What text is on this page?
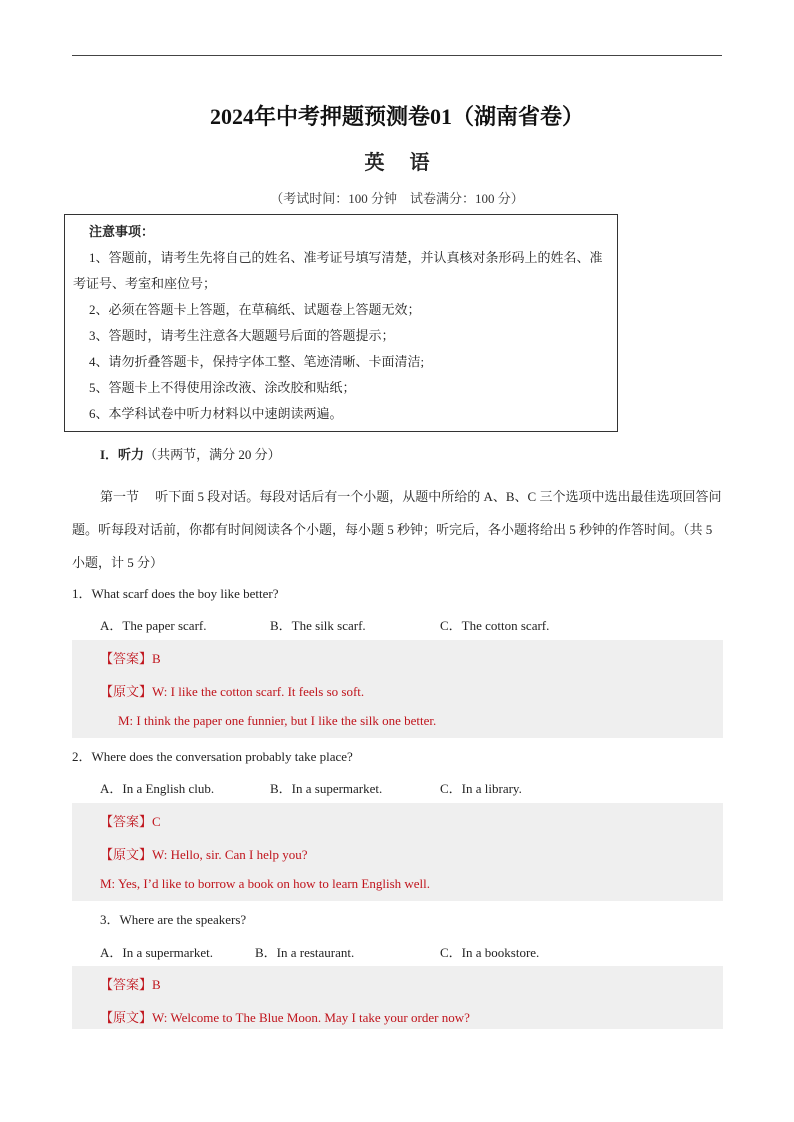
2024年中考押题预测卷01（湖南省卷）
英 语
（考试时间：100 分钟　试卷满分：100 分）
注意事项：
1、答题前，请考生先将自己的姓名、准考证号填写清楚，并认真核对条形码上的姓名、准考证号、考室和座位号；
2、必须在答题卡上答题，在草稿纸、试题卷上答题无效；
3、答题时，请考生注意各大题题号后面的答题提示；
4、请勿折叠答题卡，保持字体工整、笔迹清晰、卡面清洁;
5、答题卡上不得使用涂改液、涂改胶和贴纸；
6、本学科试卷中听力材料以中速朗读两遍。
I．听力（共两节，满分 20 分）
第一节　 听下面 5 段对话。每段对话后有一个小题，从题中所给的 A、B、C 三个选项中选出最佳选项回答问题。听每段对话前，你都有时间阅读各个小题，每小题 5 秒钟；听完后，各小题将给出 5 秒钟的作答时间。（共 5 小题，计 5 分）
1．What scarf does the boy like better?
A．The paper scarf.	B．The silk scarf.	C．The cotton scarf.
【答案】B
【原文】W: I like the cotton scarf. It feels so soft.
M: I think the paper one funnier, but I like the silk one better.
2．Where does the conversation probably take place?
A．In a English club.	B．In a supermarket.	C．In a library.
【答案】C
【原文】W: Hello, sir. Can I help you?
M: Yes, I’d like to borrow a book on how to learn English well.
3．Where are the speakers?
A．In a supermarket.	B．In a restaurant.	C．In a bookstore.
【答案】B
【原文】W: Welcome to The Blue Moon. May I take your order now?
